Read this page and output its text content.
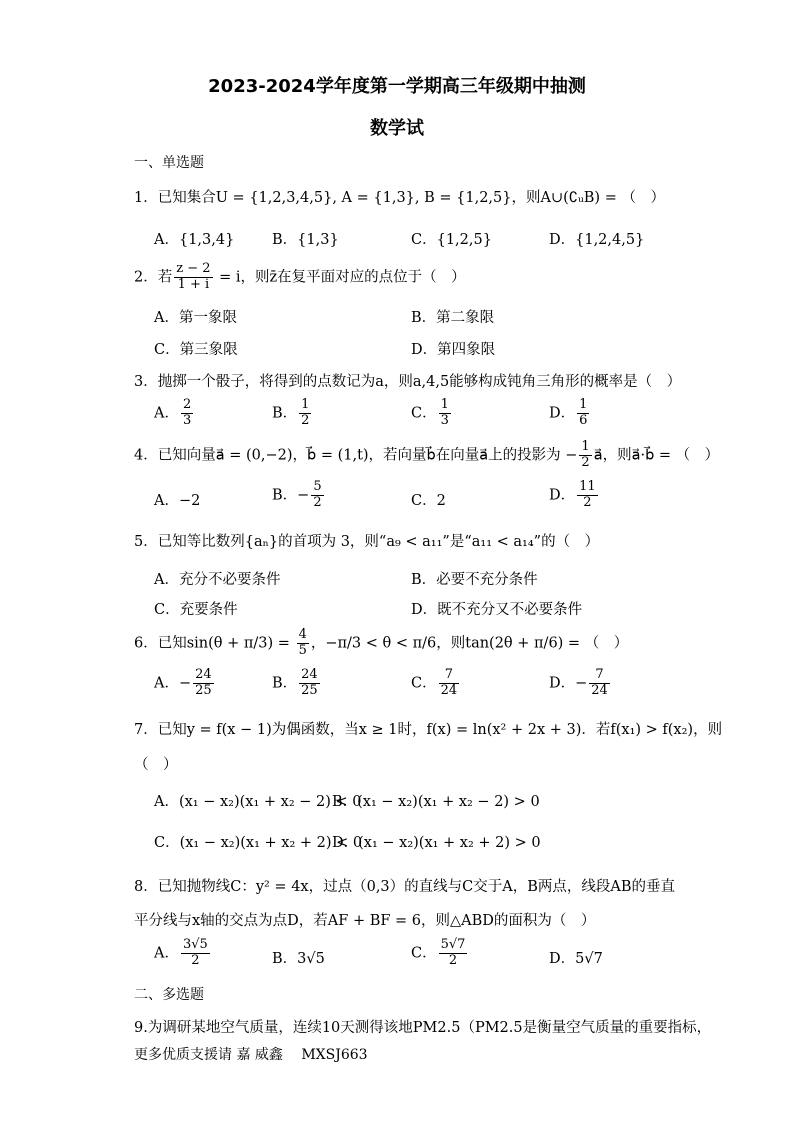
2023-2024学年度第一学期高三年级期中抽测
数学试
一、单选题
1．已知集合U = {1,2,3,4,5}, A = {1,3}, B = {1,2,5}，则A∪(∁ᵤB) = （　）
A．{1,3,4}	B．{1,3}	C．{1,2,5}	D．{1,2,4,5}
2．若 $\frac{z - 2}{1 + i} = i$，则z̄在复平面对应的点位于（　）
A．第一象限	B．第二象限
C．第三象限	D．第四象限
3．抛掷一个骰子，将得到的点数记为a，则a,4,5能够构成钝角三角形的概率是（　）
A． $\frac{2}{3}$	B． $\frac{1}{2}$	C． $\frac{1}{3}$	D． $\frac{1}{6}$
4．已知向量a⃗ = (0,−2)，b⃗ = (1,t)，若向量b⃗在向量a⃗上的投影为 − $\frac{1}{2}$ a⃗，则a⃗·b⃗ = （　）
A．−2	B．− $\frac{5}{2}$	C．2	D． $\frac{11}{2}$
5．已知等比数列{aₙ}的首项为 3，则“a₉ < a₁₁”是“a₁₁ < a₁₄”的（　）
A．充分不必要条件	B．必要不充分条件
C．充要条件	D．既不充分又不必要条件
6．已知$\sin(\theta + \pi/3) = \frac{4}{5}$ ，−π/3 < θ < π/6，则tan(2θ + π/6) = （　）
A．− $\frac{24}{25}$	B． $\frac{24}{25}$	C． $\frac{7}{24}$	D．− $\frac{7}{24}$
7．已知y = f(x − 1)为偶函数，当x ≥ 1时，f(x) = ln(x² + 2x + 3)．若f(x₁) > f(x₂)，则
（　）
A．(x₁ − x₂)(x₁ + x₂ − 2) < 0
B．(x₁ − x₂)(x₁ + x₂ − 2) > 0
C．(x₁ − x₂)(x₁ + x₂ + 2) < 0
D．(x₁ − x₂)(x₁ + x₂ + 2) > 0
8．已知抛物线C：y² = 4x，过点（0,3）的直线与C交于A，B两点，线段AB的垂直
平分线与x轴的交点为点D，若AF + BF = 6，则△ABD的面积为（　）
A． $\frac{3√5}{2}$	B．3√5	C． $\frac{5√7}{2}$	D．5√7
二、多选题
9.为调研某地空气质量，连续10天测得该地PM2.5（PM2.5是衡量空气质量的重要指标，
更多优质支援请 嘉 威鑫　 MXSJ663
